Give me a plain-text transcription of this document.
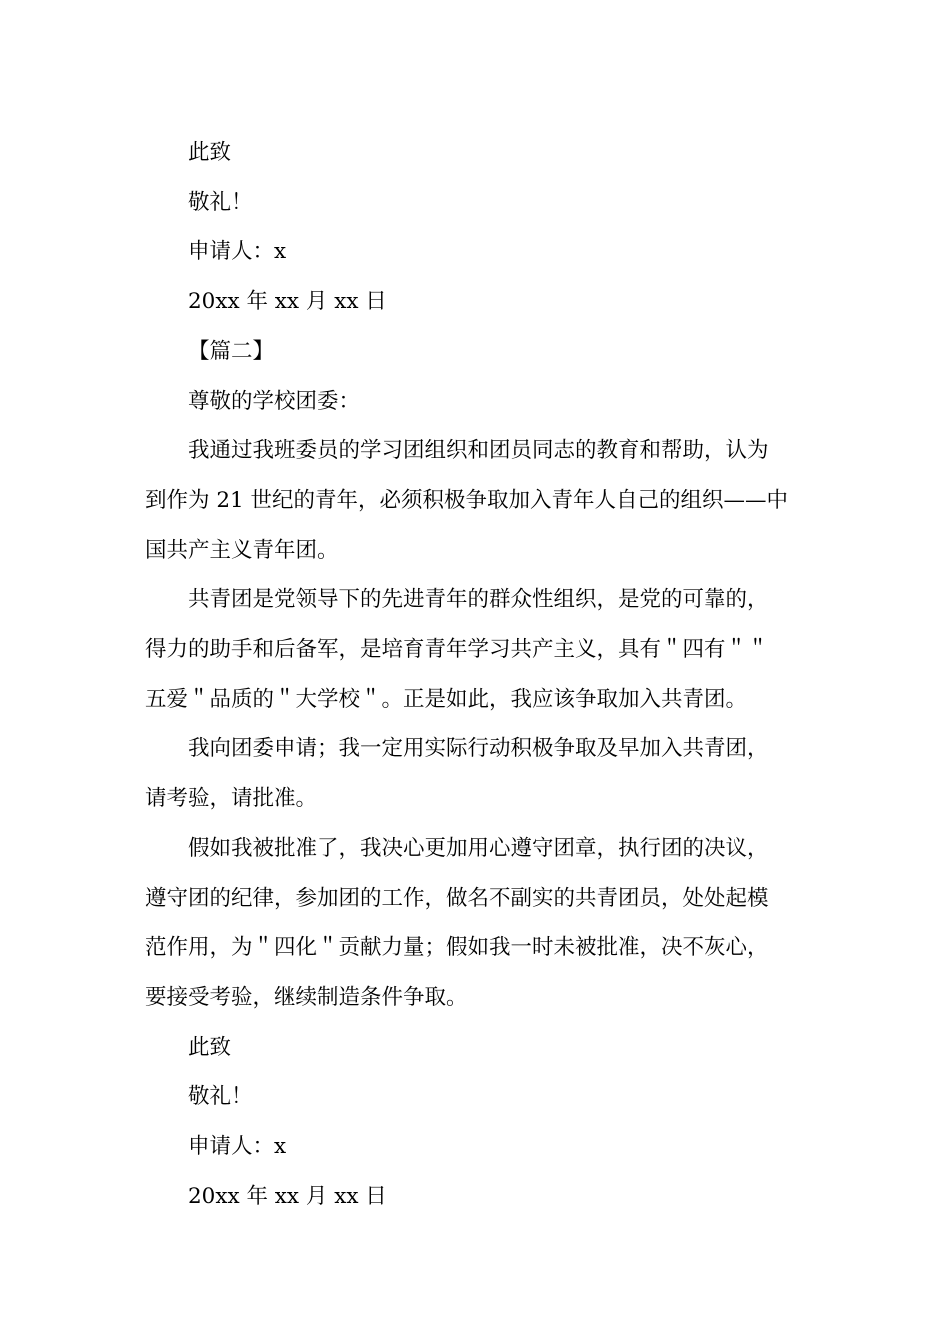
此致

敬礼！

申请人：x

20xx 年 xx 月 xx 日

【篇二】

尊敬的学校团委：

我通过我班委员的学习团组织和团员同志的教育和帮助，认为

到作为 21 世纪的青年，必须积极争取加入青年人自己的组织——中

国共产主义青年团。

共青团是党领导下的先进青年的群众性组织，是党的可靠的，

得力的助手和后备军，是培育青年学习共产主义，具有＂四有＂＂

五爱＂品质的＂大学校＂。正是如此，我应该争取加入共青团。

我向团委申请；我一定用实际行动积极争取及早加入共青团，

请考验，请批准。

假如我被批准了，我决心更加用心遵守团章，执行团的决议，

遵守团的纪律，参加团的工作，做名不副实的共青团员，处处起模

范作用，为＂四化＂贡献力量；假如我一时未被批准，决不灰心，

要接受考验，继续制造条件争取。

此致

敬礼！

申请人：x

20xx 年 xx 月 xx 日
